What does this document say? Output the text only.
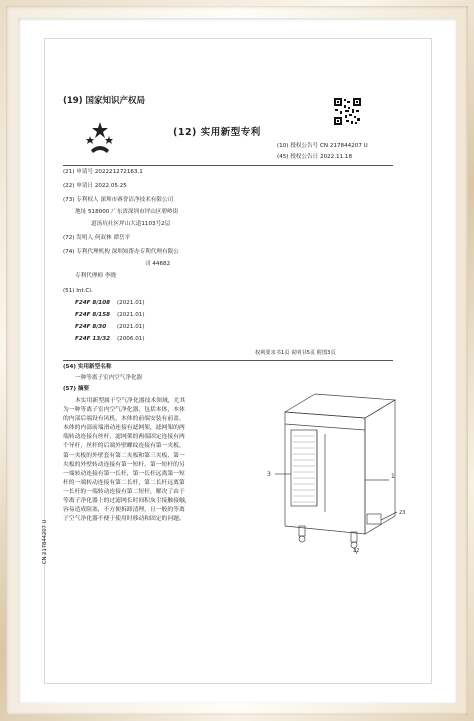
(19) 国家知识产权局
(12) 实用新型专利
(10) 授权公告号 CN 217844207 U
(45) 授权公告日 2022.11.18
(21) 申请号 202221272163.1
(22) 申请日 2022.05.25
(73) 专利权人 深圳市赛誉洁净技术有限公司
地址 518000 广东省深圳市坪山区碧岭街
道汤坑社区坪山大道1103号2层
(72) 发明人 何双林 谭岳平
(74) 专利代理机构 深圳知帮办专利代理有限公
司 44682
专利代理师 李晓
(51) Int.Cl.
F24F 8/108 (2021.01)
F24F 8/158 (2021.01)
F24F 8/30 (2021.01)
F24F 13/32 (2006.01)
权利要求书1页 说明书5页 附图3页
(54) 实用新型名称
一种等离子室内空气净化器
(57) 摘要
本实用新型属于空气净化器技术领域，尤其
为一种等离子室内空气净化器，包括本体，本体
的内部后端设有风机，本体的前端安装有前盖，
本体的内部前端滑动连接有滤网架，滤网架的两
端转动连接有丝杆，滤网架的两端固定连接有两
个导杆，丝杆的后端外壁螺纹连接有第一夹板，
第一夹板的外壁套有第二夹板和第三夹板，第一
夹板的外壁转动连接有第一短杆，第一短杆的另
一端转动连接有第一长杆，第一长杆远离第一短
杆的一端转动连接有第二长杆，第二长杆远离第
一长杆的一端转动连接有第二短杆，解决了由于
等离子净化器上的过滤网长时间积灰尘接触接触，
容易造成阻塞，不方便拆卸清理，且一般的等离
子空气净化器不便于使用时移动和固定的问题。
1
3
22
23
CN 217844207 U
